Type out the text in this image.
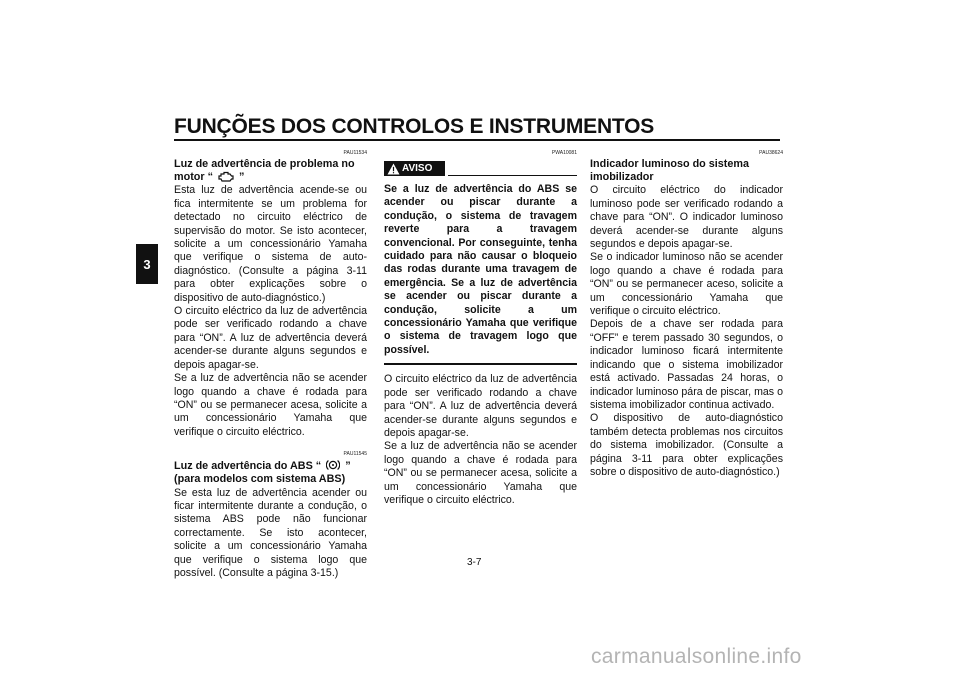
FUNÇÕES DOS CONTROLOS E INSTRUMENTOS
3
PAU11534

Luz de advertência de problema no
motor “ ”

Esta luz de advertência acende-se ou fica intermitente se um problema for detectado no circuito eléctrico de supervisão do motor. Se isto acontecer, solicite a um concessionário Yamaha que verifique o sistema de auto-diagnóstico. (Consulte a página 3-11 para obter explicações sobre o dispositivo de auto-diagnóstico.)

O circuito eléctrico da luz de advertência pode ser verificado rodando a chave para “ON”. A luz de advertência deverá acender-se durante alguns segundos e depois apagar-se.

Se a luz de advertência não se acender logo quando a chave é rodada para “ON” ou se permanecer acesa, solicite a um concessionário Yamaha que verifique o circuito eléctrico.

PAU11545

Luz de advertência do ABS “ ” (para modelos com sistema ABS)

Se esta luz de advertência acender ou ficar intermitente durante a condução, o sistema ABS pode não funcionar correctamente. Se isto acontecer, solicite a um concessionário Yamaha que verifique o sistema logo que possível. (Consulte a página 3-15.)

PWA10081
AVISO

Se a luz de advertência do ABS se acender ou piscar durante a condução, o sistema de travagem reverte para a travagem convencional. Por conseguinte, tenha cuidado para não causar o bloqueio das rodas durante uma travagem de emergência. Se a luz de advertência se acender ou piscar durante a condução, solicite a um concessionário Yamaha que verifique o sistema de travagem logo que possível.

O circuito eléctrico da luz de advertência pode ser verificado rodando a chave para “ON”. A luz de advertência deverá acender-se durante alguns segundos e depois apagar-se.

Se a luz de advertência não se acender logo quando a chave é rodada para “ON” ou se permanecer acesa, solicite a um concessionário Yamaha que verifique o circuito eléctrico.

PAU38624

Indicador luminoso do sistema imobilizador

O circuito eléctrico do indicador luminoso pode ser verificado rodando a chave para “ON”. O indicador luminoso deverá acender-se durante alguns segundos e depois apagar-se.

Se o indicador luminoso não se acender logo quando a chave é rodada para “ON” ou se permanecer aceso, solicite a um concessionário Yamaha que verifique o circuito eléctrico.

Depois de a chave ser rodada para “OFF” e terem passado 30 segundos, o indicador luminoso ficará intermitente indicando que o sistema imobilizador está activado. Passadas 24 horas, o indicador luminoso pára de piscar, mas o sistema imobilizador continua activado.

O dispositivo de auto-diagnóstico também detecta problemas nos circuitos do sistema imobilizador. (Consulte a página 3-11 para obter explicações sobre o dispositivo de auto-diagnóstico.)

3-7
carmanualsonline.info
